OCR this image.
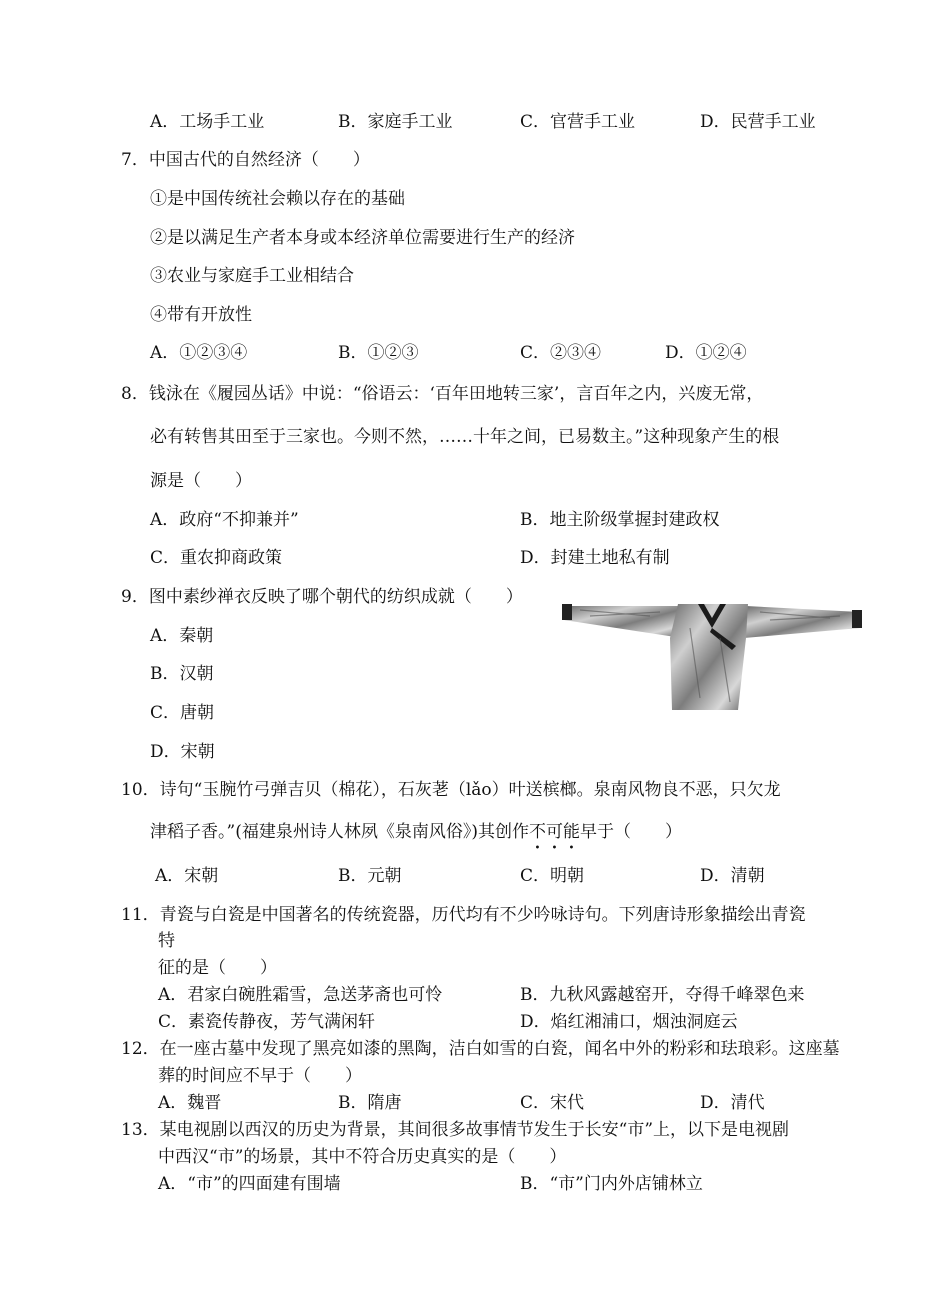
A．工场手工业	B．家庭手工业	C．官营手工业	D．民营手工业
7．中国古代的自然经济（　　）
①是中国传统社会赖以存在的基础
②是以满足生产者本身或本经济单位需要进行生产的经济
③农业与家庭手工业相结合
④带有开放性
A．①②③④	B．①②③	C．②③④	D．①②④
8．钱泳在《履园丛话》中说：“俗语云：‘百年田地转三家’，言百年之内，兴废无常，
必有转售其田至于三家也。今则不然，……十年之间，已易数主。”这种现象产生的根
源是（　　）
A．政府“不抑兼并”	B．地主阶级掌握封建政权
C．重农抑商政策	D．封建土地私有制
9．图中素纱禅衣反映了哪个朝代的纺织成就（　　）
A．秦朝
B．汉朝
C．唐朝
D．宋朝
10．诗句“玉腕竹弓弹吉贝（棉花），石灰荖（lǎo）叶送槟榔。泉南风物良不恶，只欠龙
津稻子香。”(福建泉州诗人林夙《泉南风俗》)其创作不可能早于（　　）
A．宋朝	B．元朝	C．明朝	D．清朝
11．青瓷与白瓷是中国著名的传统瓷器，历代均有不少吟咏诗句。下列唐诗形象描绘出青瓷
特
征的是（　　）
A．君家白碗胜霜雪，急送茅斋也可怜	B．九秋风露越窑开，夺得千峰翠色来
C．素瓷传静夜，芳气满闲轩	D．焰红湘浦口，烟浊洞庭云
12．在一座古墓中发现了黑亮如漆的黑陶，洁白如雪的白瓷，闻名中外的粉彩和珐琅彩。这座墓
葬的时间应不早于（　　）
A．魏晋	B．隋唐	C．宋代	D．清代
13．某电视剧以西汉的历史为背景，其间很多故事情节发生于长安“市”上，以下是电视剧
中西汉“市”的场景，其中不符合历史真实的是（　　）
A．“市”的四面建有围墙	B．“市”门内外店铺林立
